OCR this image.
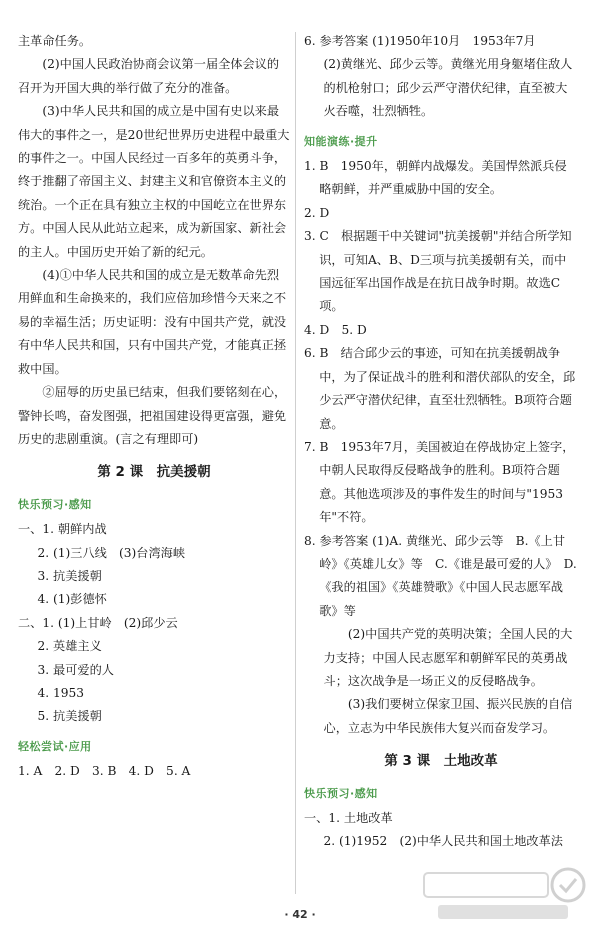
主革命任务。

(2)中国人民政治协商会议第一届全体会议的召开为开国大典的举行做了充分的准备。

(3)中华人民共和国的成立是中国有史以来最伟大的事件之一，是20世纪世界历史进程中最重大的事件之一。中国人民经过一百多年的英勇斗争，终于推翻了帝国主义、封建主义和官僚资本主义的统治。一个正在具有独立主权的中国屹立在世界东方。中国人民从此站立起来，成为新国家、新社会的主人。中国历史开始了新的纪元。

(4)①中华人民共和国的成立是无数革命先烈用鲜血和生命换来的，我们应倍加珍惜今天来之不易的幸福生活；历史证明：没有中国共产党，就没有中华人民共和国，只有中国共产党，才能真正拯救中国。

②屈辱的历史虽已结束，但我们要铭刻在心，警钟长鸣，奋发图强，把祖国建设得更富强，避免历史的悲剧重演。(言之有理即可)

第 2 课　抗美援朝
快乐预习·感知

一、1. 朝鲜内战

2. (1)三八线　(3)台湾海峡

3. 抗美援朝

4. (1)彭德怀

二、1. (1)上甘岭　(2)邱少云

2. 英雄主义

3. 最可爱的人

4. 1953

5. 抗美援朝

轻松尝试·应用

1. A　2. D　3. B　4. D　5. A

6. 参考答案 (1)1950年10月　1953年7月

(2)黄继光、邱少云等。黄继光用身躯堵住敌人的机枪射口；邱少云严守潜伏纪律，直至被大火吞噬，壮烈牺牲。

知能演练·提升

1. B　1950年，朝鲜内战爆发。美国悍然派兵侵略朝鲜，并严重威胁中国的安全。

2. D

3. C　根据题干中关键词"抗美援朝"并结合所学知识，可知A、B、D三项与抗美援朝有关，而中国远征军出国作战是在抗日战争时期。故选C项。

4. D　5. D

6. B　结合邱少云的事迹，可知在抗美援朝战争中，为了保证战斗的胜利和潜伏部队的安全，邱少云严守潜伏纪律，直至壮烈牺牲。B项符合题意。

7. B　1953年7月，美国被迫在停战协定上签字，中朝人民取得反侵略战争的胜利。B项符合题意。其他选项涉及的事件发生的时间与"1953年"不符。

8. 参考答案 (1)A. 黄继光、邱少云等　B.《上甘岭》《英雄儿女》等　C.《谁是最可爱的人》　D.《我的祖国》《英雄赞歌》《中国人民志愿军战歌》等

(2)中国共产党的英明决策；全国人民的大力支持；中国人民志愿军和朝鲜军民的英勇战斗；这次战争是一场正义的反侵略战争。

(3)我们要树立保家卫国、振兴民族的自信心，立志为中华民族伟大复兴而奋发学习。

第 3 课　土地改革
快乐预习·感知

一、1. 土地改革

2. (1)1952　(2)中华人民共和国土地改革法

· 42 ·
